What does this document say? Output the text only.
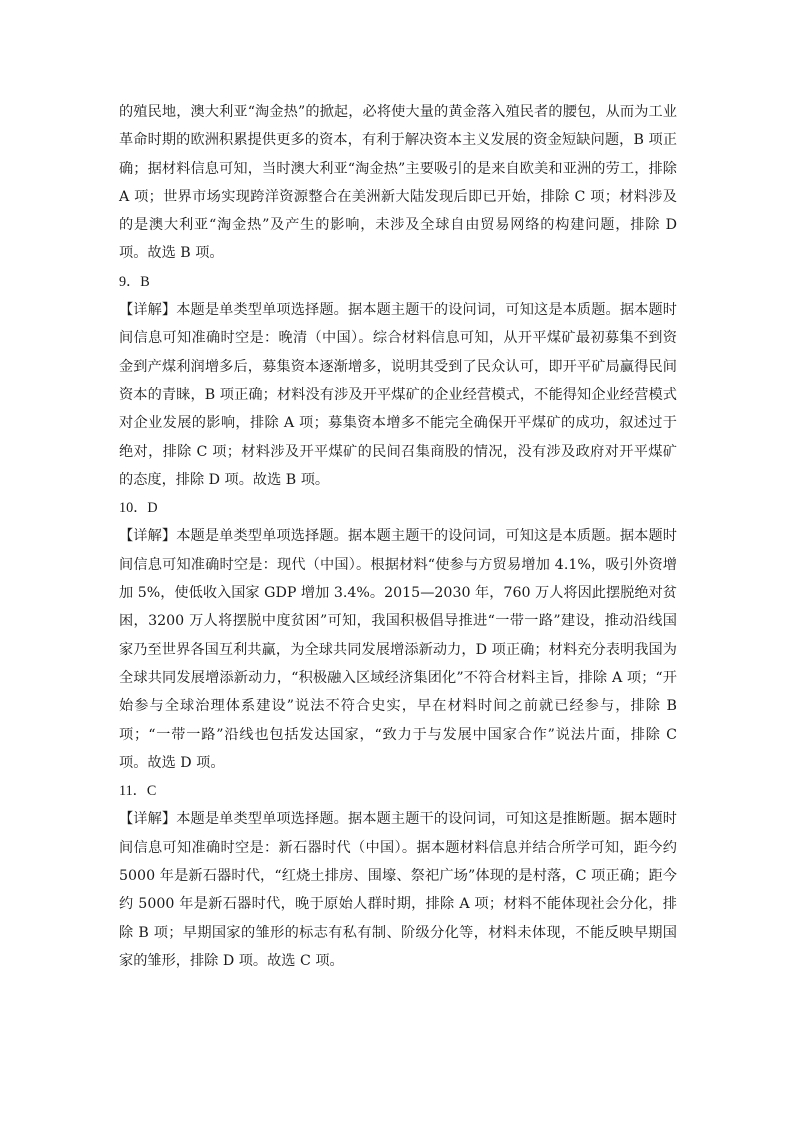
的殖民地，澳大利亚“淘金热”的掀起，必将使大量的黄金落入殖民者的腰包，从而为工业革命时期的欧洲积累提供更多的资本，有利于解决资本主义发展的资金短缺问题，B 项正确；据材料信息可知，当时澳大利亚“淘金热”主要吸引的是来自欧美和亚洲的劳工，排除 A 项；世界市场实现跨洋资源整合在美洲新大陆发现后即已开始，排除 C 项；材料涉及的是澳大利亚“淘金热”及产生的影响，未涉及全球自由贸易网络的构建问题，排除 D 项。故选 B 项。

9．B

【详解】本题是单类型单项选择题。据本题主题干的设问词，可知这是本质题。据本题时间信息可知准确时空是：晚清（中国）。综合材料信息可知，从开平煤矿最初募集不到资金到产煤利润增多后，募集资本逐渐增多，说明其受到了民众认可，即开平矿局赢得民间资本的青睐，B 项正确；材料没有涉及开平煤矿的企业经营模式，不能得知企业经营模式对企业发展的影响，排除 A 项；募集资本增多不能完全确保开平煤矿的成功，叙述过于绝对，排除 C 项；材料涉及开平煤矿的民间召集商股的情况，没有涉及政府对开平煤矿的态度，排除 D 项。故选 B 项。

10．D

【详解】本题是单类型单项选择题。据本题主题干的设问词，可知这是本质题。据本题时间信息可知准确时空是：现代（中国）。根据材料“使参与方贸易增加 4.1%，吸引外资增加 5%，使低收入国家 GDP 增加 3.4%。2015—2030 年，760 万人将因此摆脱绝对贫困，3200 万人将摆脱中度贫困”可知，我国积极倡导推进“一带一路”建设，推动沿线国家乃至世界各国互利共赢，为全球共同发展增添新动力，D 项正确；材料充分表明我国为全球共同发展增添新动力，“积极融入区域经济集团化”不符合材料主旨，排除 A 项；“开始参与全球治理体系建设”说法不符合史实，早在材料时间之前就已经参与，排除 B 项；“一带一路”沿线也包括发达国家，“致力于与发展中国家合作”说法片面，排除 C 项。故选 D 项。

11．C

【详解】本题是单类型单项选择题。据本题主题干的设问词，可知这是推断题。据本题时间信息可知准确时空是：新石器时代（中国）。据本题材料信息并结合所学可知，距今约 5000 年是新石器时代，“红烧土排房、围壕、祭祀广场”体现的是村落，C 项正确；距今约 5000 年是新石器时代，晚于原始人群时期，排除 A 项；材料不能体现社会分化，排除 B 项；早期国家的雏形的标志有私有制、阶级分化等，材料未体现，不能反映早期国家的雏形，排除 D 项。故选 C 项。
